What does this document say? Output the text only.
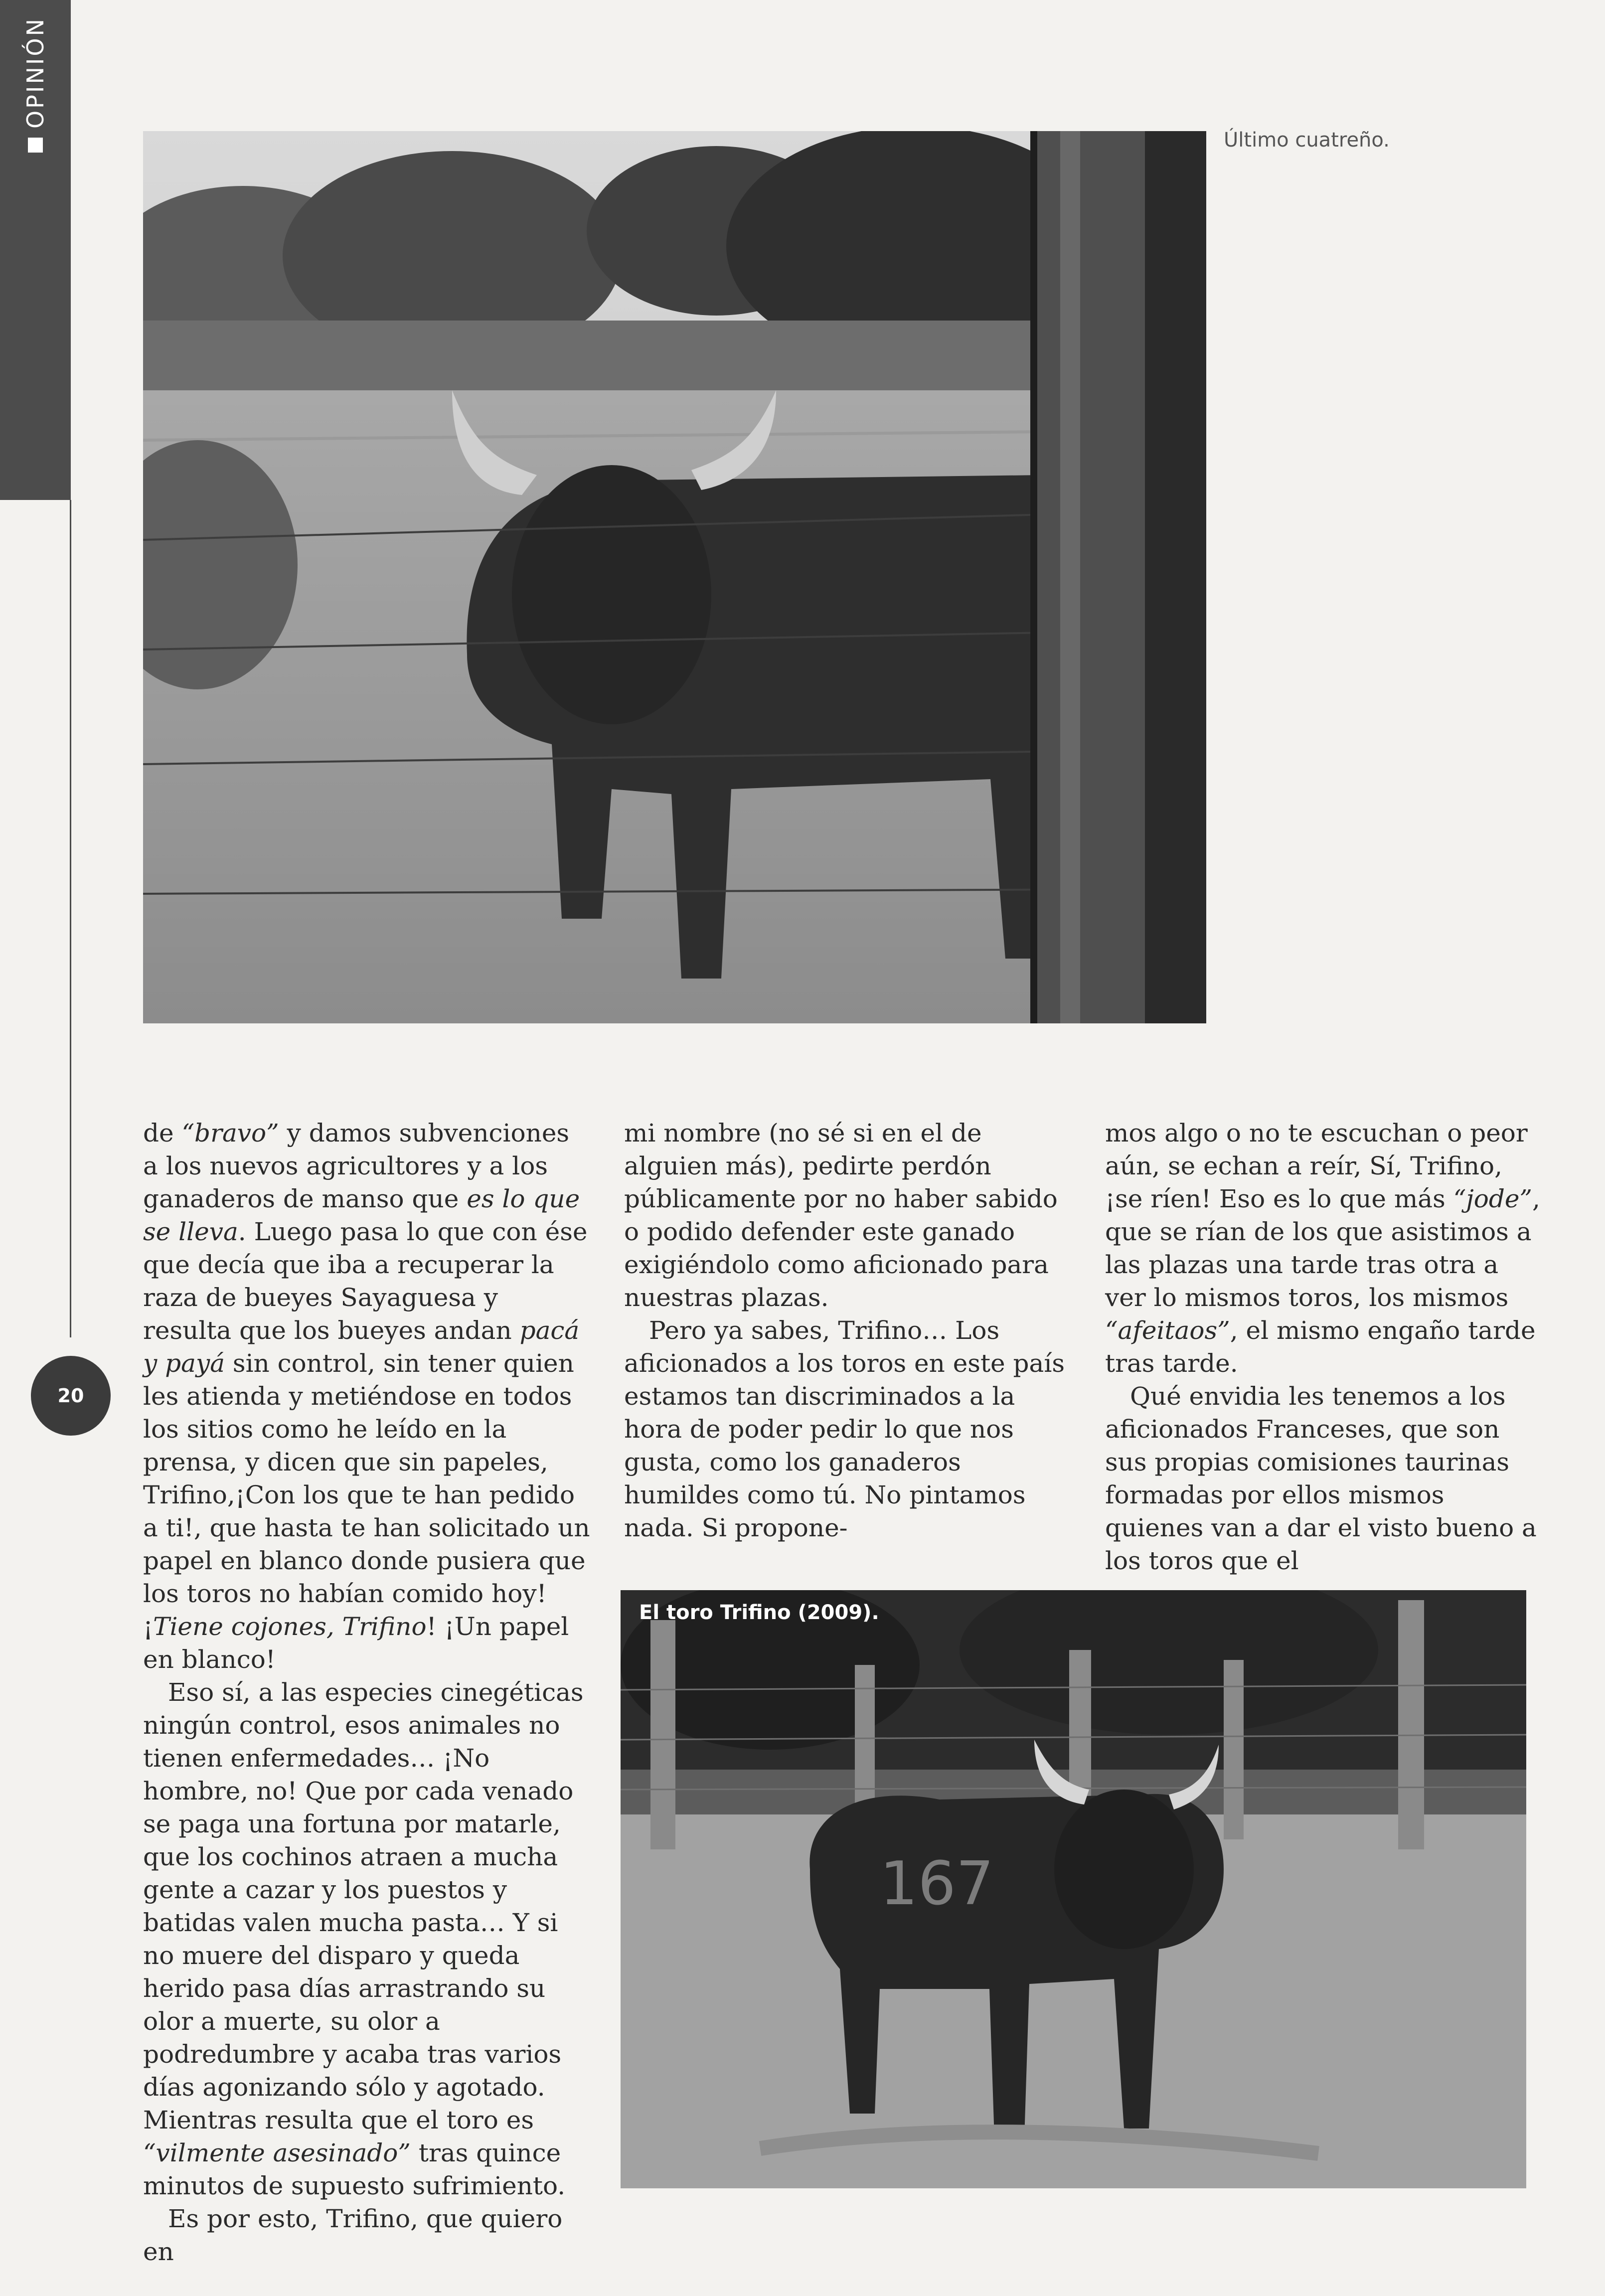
OPINIÓN
20
Último cuatreño.
167
El toro Trifino (2009).

de “bravo” y damos subvenciones a los nuevos agricultores y a los ganaderos de manso que es lo que se lleva. Luego pasa lo que con ése que decía que iba a recuperar la raza de bueyes Sayaguesa y resulta que los bueyes andan pacá y payá sin control, sin tener quien les atienda y metiéndose en todos los sitios como he leído en la prensa, y dicen que sin papeles, Trifino,¡Con los que te han pedido a ti!, que hasta te han solicitado un papel en blanco donde pusiera que los toros no habían comido hoy! ¡Tiene cojones, Trifino! ¡Un papel en blanco!

Eso sí, a las especies cinegéticas ningún control, esos animales no tienen enfermedades… ¡No hombre, no! Que por cada venado se paga una fortuna por matarle, que los cochinos atraen a mucha gente a cazar y los puestos y batidas valen mucha pasta… Y si no muere del disparo y queda herido pasa días arrastrando su olor a muerte, su olor a podredumbre y acaba tras varios días agonizando sólo y agotado. Mientras resulta que el toro es “vilmente asesinado” tras quince minutos de supuesto sufrimiento.

Es por esto, Trifino, que quiero en

mi nombre (no sé si en el de alguien más), pedirte perdón públicamente por no haber sabido o podido defender este ganado exigiéndolo como aficionado para nuestras plazas.

Pero ya sabes, Trifino… Los aficionados a los toros en este país estamos tan discriminados a la hora de poder pedir lo que nos gusta, como los ganaderos humildes como tú. No pintamos nada. Si propone-

mos algo o no te escuchan o peor aún, se echan a reír, Sí, Trifino, ¡se ríen! Eso es lo que más “jode”, que se rían de los que asistimos a las plazas una tarde tras otra a ver lo mismos toros, los mismos “afeitaos”, el mismo engaño tarde tras tarde.

Qué envidia les tenemos a los aficionados Franceses, que son sus propias comisiones taurinas formadas por ellos mismos quienes van a dar el visto bueno a los toros que el
